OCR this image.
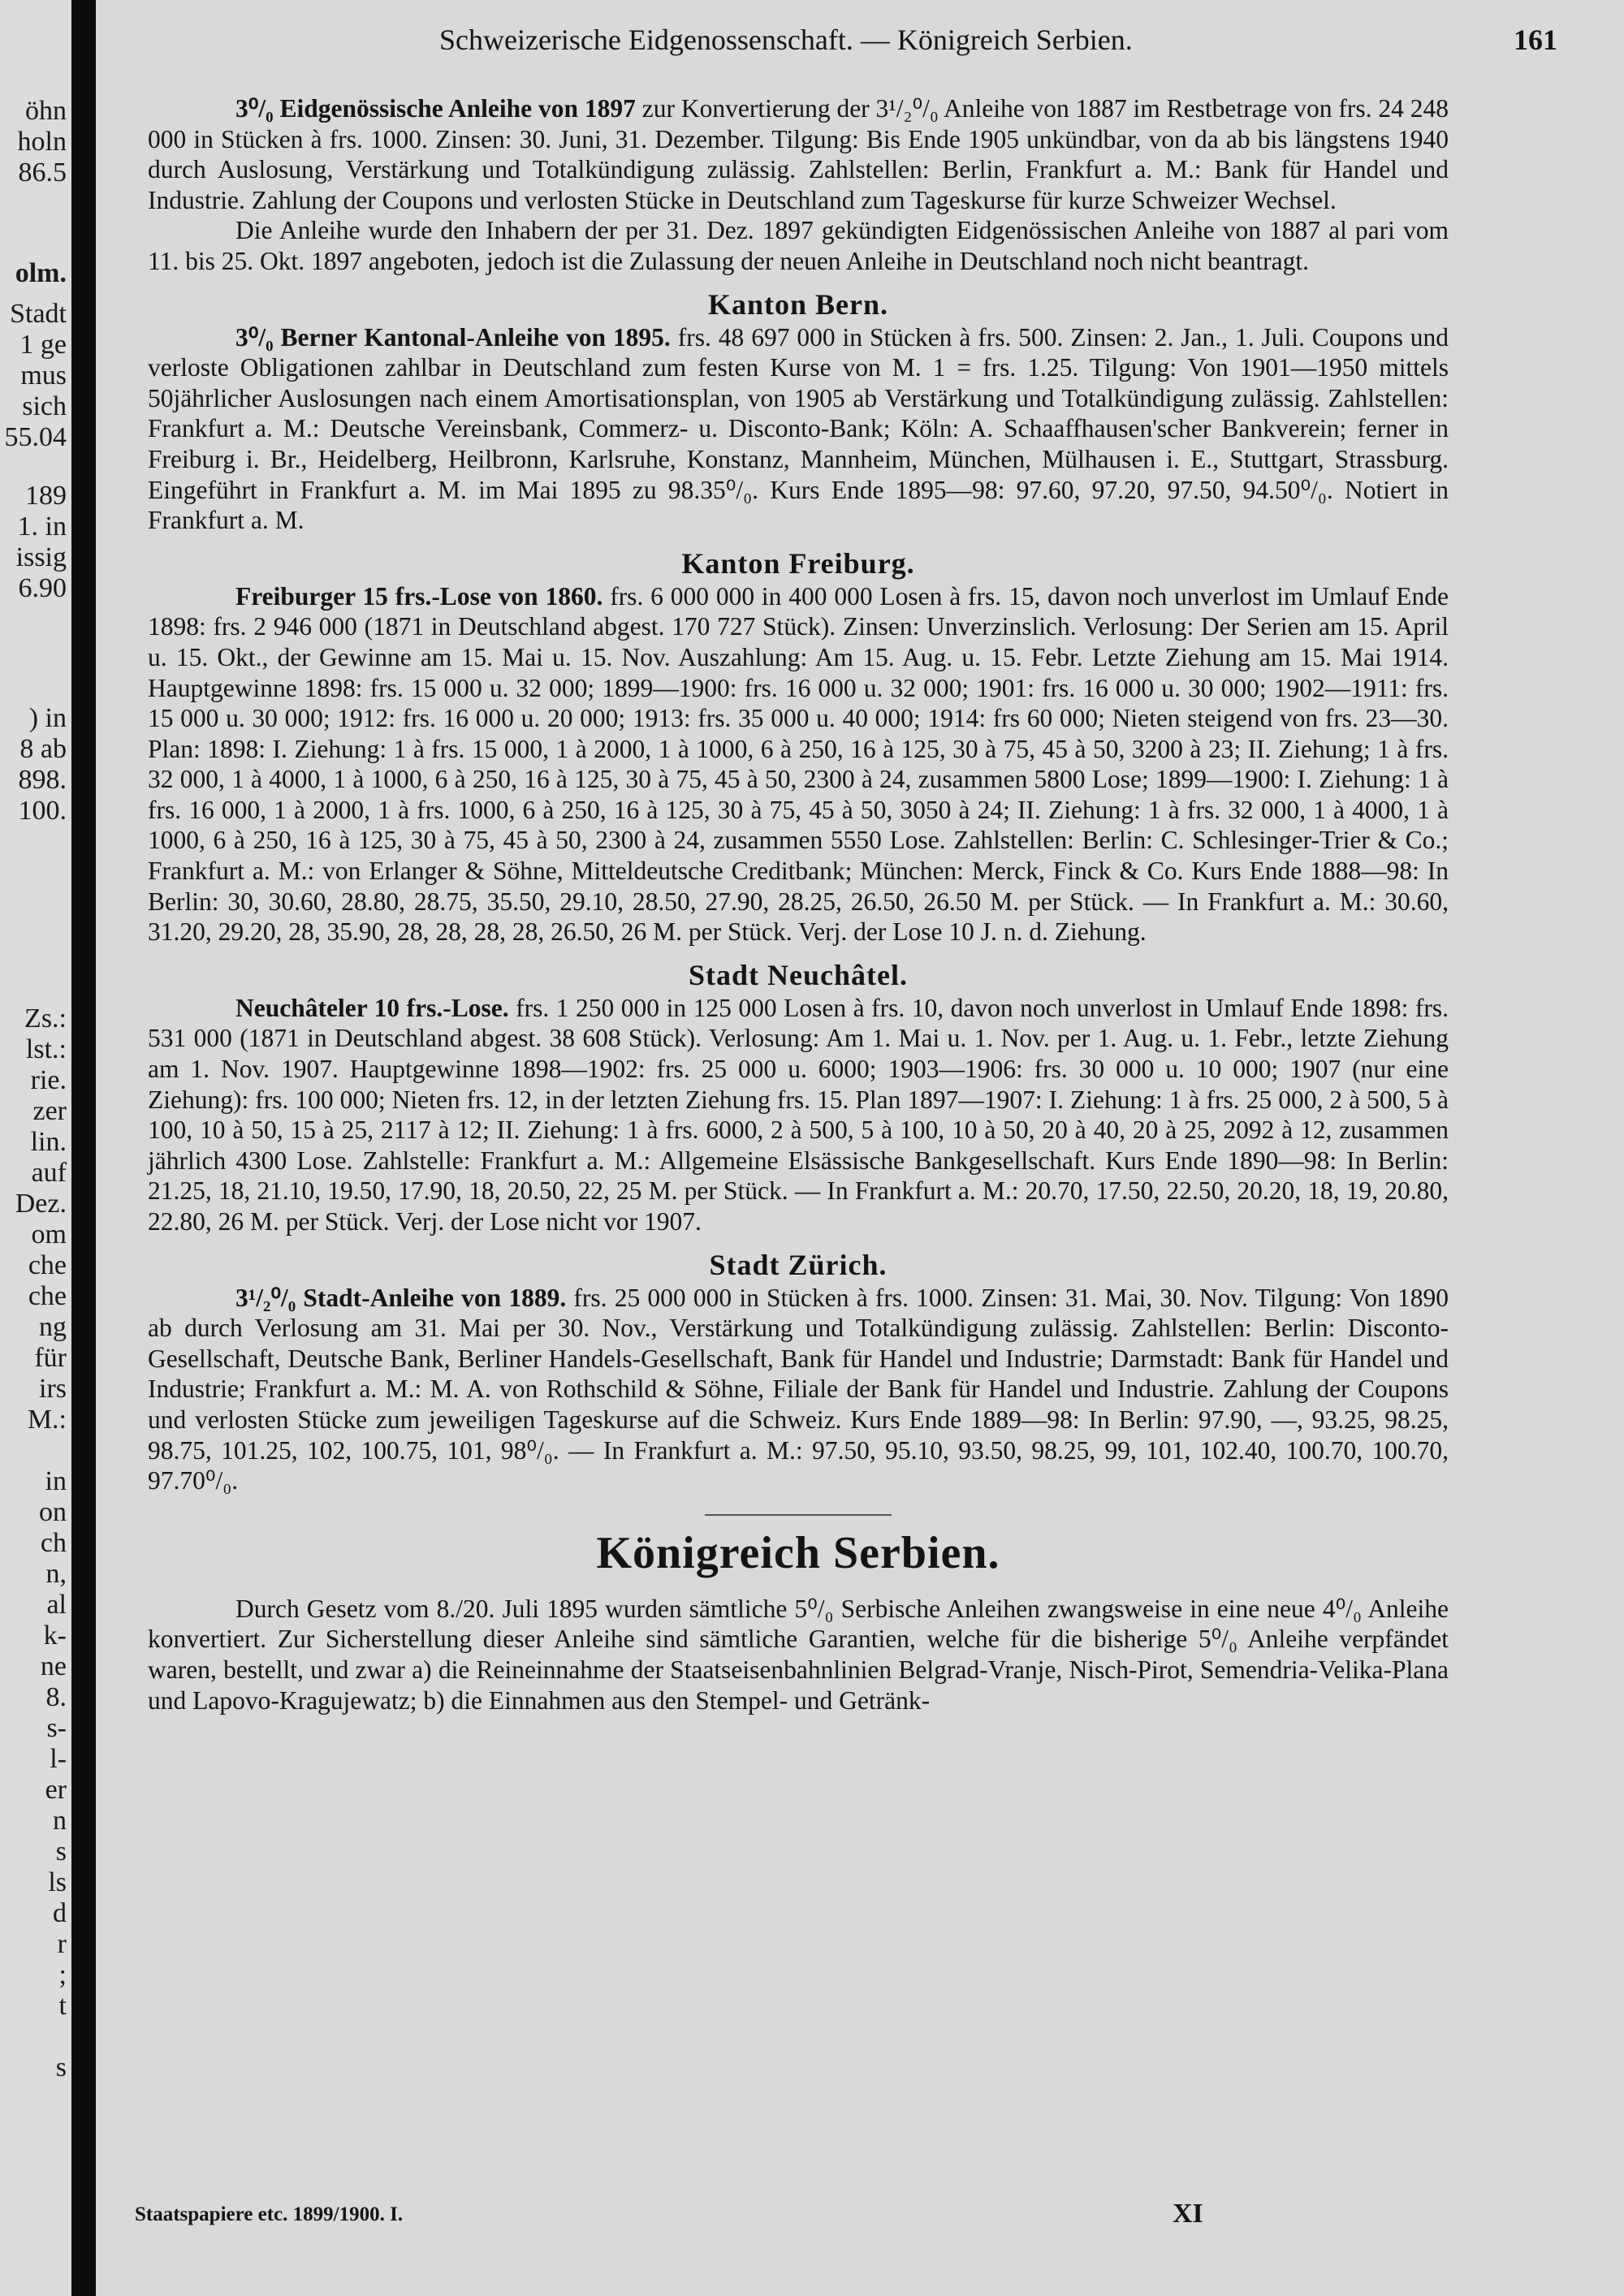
öhn
holn
86.5
olm.
Stadt
1 ge
mus
sich
55.04
189
1. in
issig
6.90
) in
8 ab
898.
100.
Zs.:
lst.:
rie.
zer
lin.
auf
Dez.
om
che
che
ng
für
irs
M.:
in
on
ch
n,
al
k-
ne
8.
s-
l-
er
n
s
ls
d
r
;
t
s
Schweizerische Eidgenossenschaft. — Königreich Serbien.	161

3⁰/₀ Eidgenössische Anleihe von 1897 zur Konvertierung der 3¹/₂⁰/₀ Anleihe von 1887 im Restbetrage von frs. 24 248 000 in Stücken à frs. 1000. Zinsen: 30. Juni, 31. Dezember. Tilgung: Bis Ende 1905 unkündbar, von da ab bis längstens 1940 durch Auslosung, Verstärkung und Totalkündigung zulässig. Zahlstellen: Berlin, Frankfurt a. M.: Bank für Handel und Industrie. Zahlung der Coupons und verlosten Stücke in Deutschland zum Tageskurse für kurze Schweizer Wechsel.

Die Anleihe wurde den Inhabern der per 31. Dez. 1897 gekündigten Eidgenössischen Anleihe von 1887 al pari vom 11. bis 25. Okt. 1897 angeboten, jedoch ist die Zulassung der neuen Anleihe in Deutschland noch nicht beantragt.

Kanton Bern.

3⁰/₀ Berner Kantonal-Anleihe von 1895. frs. 48 697 000 in Stücken à frs. 500. Zinsen: 2. Jan., 1. Juli. Coupons und verloste Obligationen zahlbar in Deutschland zum festen Kurse von M. 1 = frs. 1.25. Tilgung: Von 1901—1950 mittels 50jährlicher Auslosungen nach einem Amortisationsplan, von 1905 ab Verstärkung und Totalkündigung zulässig. Zahlstellen: Frankfurt a. M.: Deutsche Vereinsbank, Commerz- u. Disconto-Bank; Köln: A. Schaaffhausen'scher Bankverein; ferner in Freiburg i. Br., Heidelberg, Heilbronn, Karlsruhe, Konstanz, Mannheim, München, Mülhausen i. E., Stuttgart, Strassburg. Eingeführt in Frankfurt a. M. im Mai 1895 zu 98.35⁰/₀. Kurs Ende 1895—98: 97.60, 97.20, 97.50, 94.50⁰/₀. Notiert in Frankfurt a. M.

Kanton Freiburg.

Freiburger 15 frs.-Lose von 1860. frs. 6 000 000 in 400 000 Losen à frs. 15, davon noch unverlost im Umlauf Ende 1898: frs. 2 946 000 (1871 in Deutschland abgest. 170 727 Stück). Zinsen: Unverzinslich. Verlosung: Der Serien am 15. April u. 15. Okt., der Gewinne am 15. Mai u. 15. Nov. Auszahlung: Am 15. Aug. u. 15. Febr. Letzte Ziehung am 15. Mai 1914. Hauptgewinne 1898: frs. 15 000 u. 32 000; 1899—1900: frs. 16 000 u. 32 000; 1901: frs. 16 000 u. 30 000; 1902—1911: frs. 15 000 u. 30 000; 1912: frs. 16 000 u. 20 000; 1913: frs. 35 000 u. 40 000; 1914: frs 60 000; Nieten steigend von frs. 23—30. Plan: 1898: I. Ziehung: 1 à frs. 15 000, 1 à 2000, 1 à 1000, 6 à 250, 16 à 125, 30 à 75, 45 à 50, 3200 à 23; II. Ziehung; 1 à frs. 32 000, 1 à 4000, 1 à 1000, 6 à 250, 16 à 125, 30 à 75, 45 à 50, 2300 à 24, zusammen 5800 Lose; 1899—1900: I. Ziehung: 1 à frs. 16 000, 1 à 2000, 1 à frs. 1000, 6 à 250, 16 à 125, 30 à 75, 45 à 50, 3050 à 24; II. Ziehung: 1 à frs. 32 000, 1 à 4000, 1 à 1000, 6 à 250, 16 à 125, 30 à 75, 45 à 50, 2300 à 24, zusammen 5550 Lose. Zahlstellen: Berlin: C. Schlesinger-Trier & Co.; Frankfurt a. M.: von Erlanger & Söhne, Mitteldeutsche Creditbank; München: Merck, Finck & Co. Kurs Ende 1888—98: In Berlin: 30, 30.60, 28.80, 28.75, 35.50, 29.10, 28.50, 27.90, 28.25, 26.50, 26.50 M. per Stück. — In Frankfurt a. M.: 30.60, 31.20, 29.20, 28, 35.90, 28, 28, 28, 28, 26.50, 26 M. per Stück. Verj. der Lose 10 J. n. d. Ziehung.

Stadt Neuchâtel.

Neuchâteler 10 frs.-Lose. frs. 1 250 000 in 125 000 Losen à frs. 10, davon noch unverlost in Umlauf Ende 1898: frs. 531 000 (1871 in Deutschland abgest. 38 608 Stück). Verlosung: Am 1. Mai u. 1. Nov. per 1. Aug. u. 1. Febr., letzte Ziehung am 1. Nov. 1907. Hauptgewinne 1898—1902: frs. 25 000 u. 6000; 1903—1906: frs. 30 000 u. 10 000; 1907 (nur eine Ziehung): frs. 100 000; Nieten frs. 12, in der letzten Ziehung frs. 15. Plan 1897—1907: I. Ziehung: 1 à frs. 25 000, 2 à 500, 5 à 100, 10 à 50, 15 à 25, 2117 à 12; II. Ziehung: 1 à frs. 6000, 2 à 500, 5 à 100, 10 à 50, 20 à 40, 20 à 25, 2092 à 12, zusammen jährlich 4300 Lose. Zahlstelle: Frankfurt a. M.: Allgemeine Elsässische Bankgesellschaft. Kurs Ende 1890—98: In Berlin: 21.25, 18, 21.10, 19.50, 17.90, 18, 20.50, 22, 25 M. per Stück. — In Frankfurt a. M.: 20.70, 17.50, 22.50, 20.20, 18, 19, 20.80, 22.80, 26 M. per Stück. Verj. der Lose nicht vor 1907.

Stadt Zürich.

3¹/₂⁰/₀ Stadt-Anleihe von 1889. frs. 25 000 000 in Stücken à frs. 1000. Zinsen: 31. Mai, 30. Nov. Tilgung: Von 1890 ab durch Verlosung am 31. Mai per 30. Nov., Verstärkung und Totalkündigung zulässig. Zahlstellen: Berlin: Disconto-Gesellschaft, Deutsche Bank, Berliner Handels-Gesellschaft, Bank für Handel und Industrie; Darmstadt: Bank für Handel und Industrie; Frankfurt a. M.: M. A. von Rothschild & Söhne, Filiale der Bank für Handel und Industrie. Zahlung der Coupons und verlosten Stücke zum jeweiligen Tageskurse auf die Schweiz. Kurs Ende 1889—98: In Berlin: 97.90, —, 93.25, 98.25, 98.75, 101.25, 102, 100.75, 101, 98⁰/₀. — In Frankfurt a. M.: 97.50, 95.10, 93.50, 98.25, 99, 101, 102.40, 100.70, 100.70, 97.70⁰/₀.

Königreich Serbien.

Durch Gesetz vom 8./20. Juli 1895 wurden sämtliche 5⁰/₀ Serbische Anleihen zwangsweise in eine neue 4⁰/₀ Anleihe konvertiert. Zur Sicherstellung dieser Anleihe sind sämtliche Garantien, welche für die bisherige 5⁰/₀ Anleihe verpfändet waren, bestellt, und zwar a) die Reineinnahme der Staatseisenbahnlinien Belgrad-Vranje, Nisch-Pirot, Semendria-Velika-Plana und Lapovo-Kragujewatz; b) die Einnahmen aus den Stempel- und Getränk-

Staatspapiere etc. 1899/1900. I.	XI
